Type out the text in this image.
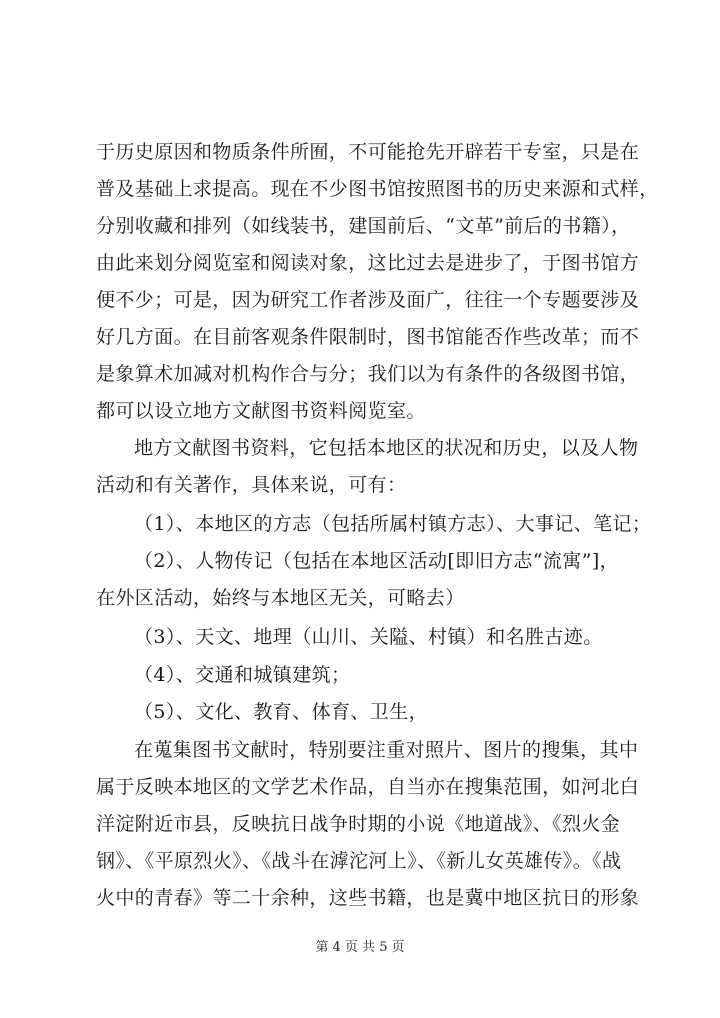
于历史原因和物质条件所囿，不可能抢先开辟若干专室，只是在
普及基础上求提高。现在不少图书馆按照图书的历史来源和式样，
分别收藏和排列（如线装书，建国前后、“文革”前后的书籍），
由此来划分阅览室和阅读对象，这比过去是进步了，于图书馆方
便不少；可是，因为研究工作者涉及面广，往往一个专题要涉及
好几方面。在目前客观条件限制时，图书馆能否作些改革；而不
是象算术加减对机构作合与分；我们以为有条件的各级图书馆，
都可以设立地方文献图书资料阅览室。
地方文献图书资料，它包括本地区的状况和历史，以及人物
活动和有关著作，具体来说，可有：
（1）、本地区的方志（包括所属村镇方志）、大事记、笔记；
（2）、人物传记（包括在本地区活动[即旧方志“流寓”]，
在外区活动，始终与本地区无关，可略去）
（3）、天文、地理（山川、关隘、村镇）和名胜古迹。
（4）、交通和城镇建筑；
（5）、文化、教育、体育、卫生，
在蒐集图书文献时，特别要注重对照片、图片的搜集，其中
属于反映本地区的文学艺术作品，自当亦在搜集范围，如河北白
洋淀附近市县，反映抗日战争时期的小说《地道战》、《烈火金
钢》、《平原烈火》、《战斗在滹沱河上》、《新儿女英雄传》。《战
火中的青春》等二十余种，这些书籍，也是冀中地区抗日的形象
第 4 页 共 5 页
